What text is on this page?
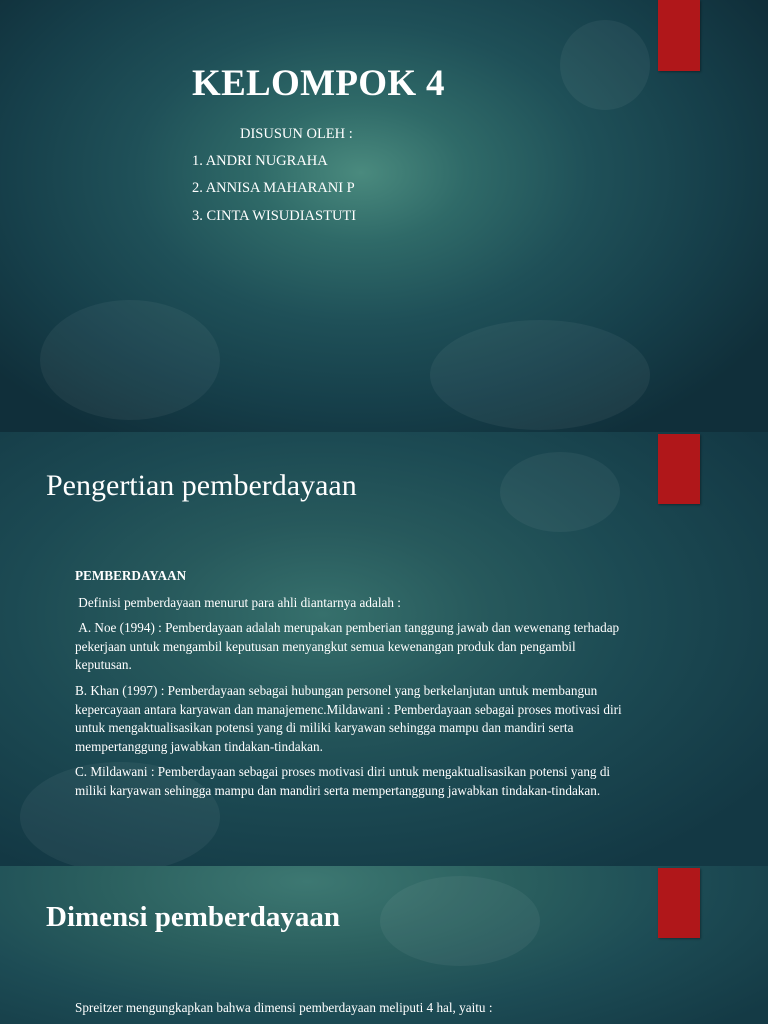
KELOMPOK 4
DISUSUN OLEH :
1. ANDRI NUGRAHA
2. ANNISA MAHARANI P
3. CINTA WISUDIASTUTI
Pengertian pemberdayaan

PEMBERDAYAAN

Definisi pemberdayaan menurut para ahli diantarnya adalah :

A. Noe (1994) : Pemberdayaan adalah merupakan pemberian tanggung jawab dan wewenang terhadap pekerjaan untuk mengambil keputusan menyangkut semua kewenangan produk dan pengambil keputusan.

B. Khan (1997) : Pemberdayaan sebagai hubungan personel yang berkelanjutan untuk membangun kepercayaan antara karyawan dan manajemenc.Mildawani : Pemberdayaan sebagai proses motivasi diri untuk mengaktualisasikan potensi yang di miliki karyawan sehingga mampu dan mandiri serta mempertanggung jawabkan tindakan-tindakan.

C. Mildawani : Pemberdayaan sebagai proses motivasi diri untuk mengaktualisasikan potensi yang di miliki karyawan sehingga mampu dan mandiri serta mempertanggung jawabkan tindakan-tindakan.

Dimensi pemberdayaan
Spreitzer mengungkapkan bahwa dimensi pemberdayaan meliputi 4 hal, yaitu :
